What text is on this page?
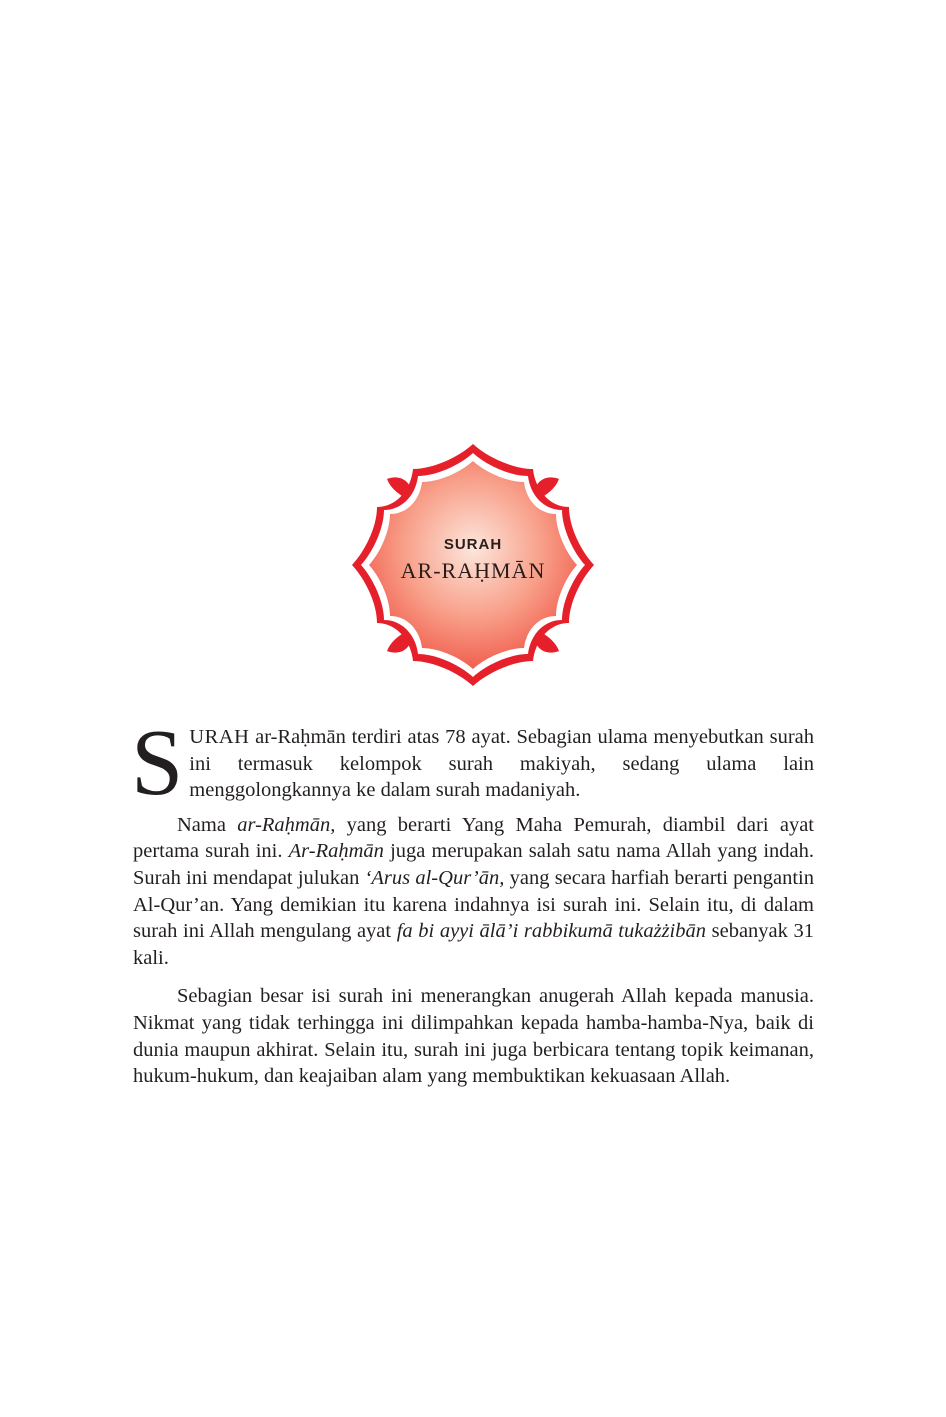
SURAH
AR-RAḤMĀN

SURAH ar-Raḥmān terdiri atas 78 ayat. Sebagian ulama menyebutkan surah ini termasuk kelompok surah makiyah, sedang ulama lain menggolongkannya ke dalam surah madaniyah.

Nama ar-Raḥmān, yang berarti Yang Maha Pemurah, diambil dari ayat pertama surah ini. Ar-Raḥmān juga merupakan salah satu nama Allah yang indah. Surah ini mendapat julukan ‘Arus al-Qur’ān, yang secara harfiah berarti pengantin Al-Qur’an. Yang demikian itu karena indahnya isi surah ini. Selain itu, di dalam surah ini Allah mengulang ayat fa bi ayyi ālā’i rabbikumā tukażżibān sebanyak 31 kali.

Sebagian besar isi surah ini menerangkan anugerah Allah kepada manusia. Nikmat yang tidak terhingga ini dilimpahkan kepada hamba-hamba-Nya, baik di dunia maupun akhirat. Selain itu, surah ini juga berbicara tentang topik keimanan, hukum-hukum, dan keajaiban alam yang membuktikan kekuasaan Allah.
